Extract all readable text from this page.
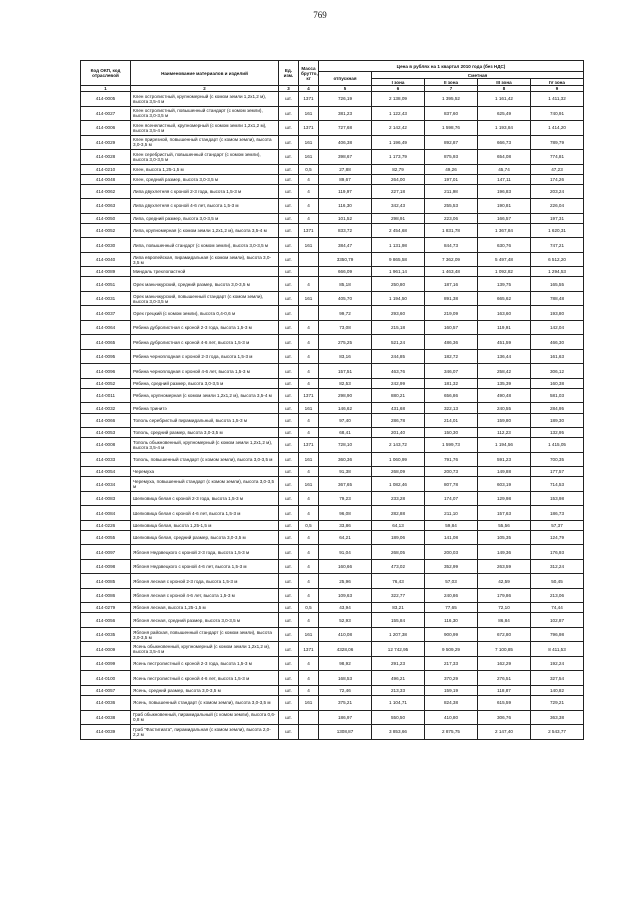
769
Код ОКП, код отраслевой	Наименование материалов и изделий	Ед. изм.	Масса брутто, кг	Цена в рублях на 1 квартал 2010 года (без НДС)				
				отпускная	Сметная			
					I зона	II зона	III зона	IV зона
1	2	3	4	5	6	7	8	9
414-0005	Клен остролистный, крупномерный (с комом земли 1,2х1,2 м), высота 3,5-4 м	шт.	1371	726,19	2 138,09	1 395,52	1 161,42	1 411,32
414-0027	Клен остролистный, повышенный стандарт (с комом земли), высота 3,0-3,5 м	шт.	161	381,23	1 122,43	837,60	625,49	740,91
414-0006	Клен ясенелистный, крупномерный (с комом земли 1,2х1,2 м), высота 3,5-4 м	шт.	1371	727,68	2 142,42	1 598,76	1 193,84	1 414,20
414-0029	Клен прирезной, повышенный стандарт (с комом земли), высота 3,0-3,5 м	шт.	161	406,38	1 196,49	892,87	666,73	789,79
414-0028	Клен серебристый, повышенный стандарт (с комом земли), высота 3,0-3,5 м	шт.	161	398,67	1 173,79	875,93	654,08	774,81
414-0210	Клен, высота 1,25-1,5 м	шт.	0,5	27,88	82,79	49,26	45,74	47,23
414-0048	Клен, средний размер, высота 3,0-3,5 м	шт.	4	89,67	264,00	197,01	147,11	174,26
414-0062	Липа двухлетняя с кроной 2-3 года, высота 1,5-3 м	шт.	4	119,97	227,18	211,98	196,83	203,24
414-0063	Липа двухлетняя с кроной 4-6 лет, высота 1,5-3 м	шт.	4	116,30	342,43	255,53	190,81	226,04
414-0050	Липа, средний размер, высота 3,0-3,5 м	шт.	4	101,52	298,91	223,06	166,57	197,31
414-0052	Липа, крупномерная (с комом земли 1,2х1,2 м), высота 3,5-4 м	шт.	1371	833,72	2 454,68	1 831,78	1 367,84	1 620,31
414-0030	Липа, повышенный стандарт (с комом земли), высота 3,0-3,5 м	шт.	161	384,47	1 131,98	844,73	630,76	747,21
414-0040	Липа европейская, пирамидальная (с комом земли), высота 3,0-3,5 м	шт.		3350,79	9 865,58	7 362,09	5 497,48	6 512,20
414-0089	Миндаль трехлопастной	шт.		666,09	1 961,14	1 463,48	1 092,82	1 294,53
414-0051	Орех маньчжурский, средний размер, высота 3,0-3,5 м	шт.	4	85,18	250,80	187,16	139,75	165,55
414-0031	Орех маньчжурский, повышенный стандарт (с комом земли), высота 3,0-3,5 м	шт.	161	405,70	1 194,50	891,38	665,62	788,48
414-0037	Орех грецкий (с комом земли), высота 0,4-0,6 м	шт.		99,72	293,60	219,09	163,60	193,80
414-0064	Рябина дубролистная с кроной 2-3 года, высота 1,5-3 м	шт.	4	73,08	215,18	160,57	119,91	142,04
414-0065	Рябина дубролистная с кроной 4-6 лет, высота 1,5-3 м	шт.	4	275,25	521,24	486,36	451,59	466,30
414-0095	Рябина черноплодная с кроной 2-3 года, высота 1,5-3 м	шт.	4	83,16	244,85	182,72	136,44	161,63
414-0096	Рябина черноплодная с кроной 4-6 лет, высота 1,5-3 м	шт.	4	157,51	463,76	346,07	258,42	306,12
414-0052	Рябина, средний размер, высота 3,0-3,5 м	шт.	4	82,53	242,99	181,32	135,39	160,38
414-0011	Рябина, крупномерная (с комом земли 1,2х1,2 м), высота 3,5-4 м	шт.	1371	298,90	880,21	656,86	490,48	581,03
414-0032	Рябина тринитэ	шт.	161	146,62	431,68	322,13	240,55	284,95
414-0066	Тополь серебристый пирамидальный, высота 1,5-3 м	шт.	4	97,40	286,78	214,01	159,80	189,30
414-0053	Тополь, средний размер, высота 3,0-3,5 м	шт.	4	68,41	201,40	150,30	112,23	132,95
414-0008	Тополь обыкновенный, крупномерный (с комом земли 1,2х1,2 м), высота 3,5-4 м	шт.	1371	728,10	2 143,72	1 599,73	1 194,56	1 415,05
414-0033	Тополь, повышенный стандарт (с комом земли), высота 3,0-3,5 м	шт.	161	360,36	1 060,99	791,76	591,23	700,35
414-0054	Черемуха	шт.	4	91,38	268,09	200,73	149,88	177,57
414-0034	Черемуха, повышенный стандарт (с комом земли), высота 3,0-3,5 м	шт.	161	367,65	1 082,46	807,78	603,19	714,53
414-0083	Шелковица белая с кроной 2-3 года, высота 1,5-3 м	шт.	4	79,23	233,28	174,07	129,98	153,98
414-0084	Шелковица белая с кроной 4-6 лет, высота 1,5-3 м	шт.	4	96,08	282,88	211,10	157,63	186,73
414-0226	Шелковица белая, высота 1,25-1,5 м	шт.	0,5	33,86	64,13	59,84	55,56	57,37
414-0055	Шелковица белая, средний размер, высота 3,0-3,5 м	шт.	4	64,21	189,06	141,08	105,35	124,79
414-0097	Яблоня Недзвецкого с кроной 2-3 года, высота 1,5-3 м	шт.	4	91,04	268,05	200,03	149,36	176,93
414-0098	Яблоня Недзвецкого с кроной 4-6 лет, высота 1,5-3 м	шт.	4	160,66	473,02	352,99	263,59	312,24
414-0085	Яблоня лесная с кроной 2-3 года, высота 1,5-3 м	шт.	4	25,96	76,43	57,03	42,59	50,45
414-0086	Яблоня лесная с кроной 4-6 лет, высота 1,5-3 м	шт.	4	109,63	322,77	240,86	179,86	213,06
414-0279	Яблоня лесная, высота 1,25-1,5 м	шт.	0,5	43,94	83,21	77,65	72,10	74,44
414-0056	Яблоня лесная, средний размер, высота 3,0-3,5 м	шт.	4	52,93	155,84	116,30	86,84	102,87
414-0035	Яблоня райская, повышенный стандарт (с комом земли), высота 3,0-3,5 м	шт.	161	410,08	1 207,38	900,99	672,80	796,98
414-0009	Ясень обыкновенный, крупномерный (с комом земли 1,2х1,2 м), высота 3,5-4 м	шт.	1371	4328,06	12 742,95	9 509,29	7 100,85	8 411,53
414-0099	Ясень пестролистный с кроной 2-3 года, высота 1,5-3 м	шт.	4	98,92	291,23	217,33	162,29	192,24
414-0100	Ясень пестролистный с кроной 4-6 лет, высота 1,5-3 м	шт.	4	168,53	496,21	370,29	276,51	327,54
414-0057	Ясень, средний размер, высота 3,0-3,5 м	шт.	4	72,46	213,33	159,19	118,87	140,82
414-0036	Ясень, повышенный стандарт (с комом земли), высота 3,0-3,5 м	шт.	161	375,21	1 104,71	824,38	615,59	729,21
414-0038	Граб обыкновенный, пирамидальный (с комом земли), высота 0,6-0,8 м	шт.		186,97	550,50	410,80	306,76	363,38
414-0039	Граб "Фастигиата", пирамидальная (с комом земли), высота 2,0-2,2 м	шт.		1308,87	3 853,66	2 875,75	2 147,40	2 543,77
